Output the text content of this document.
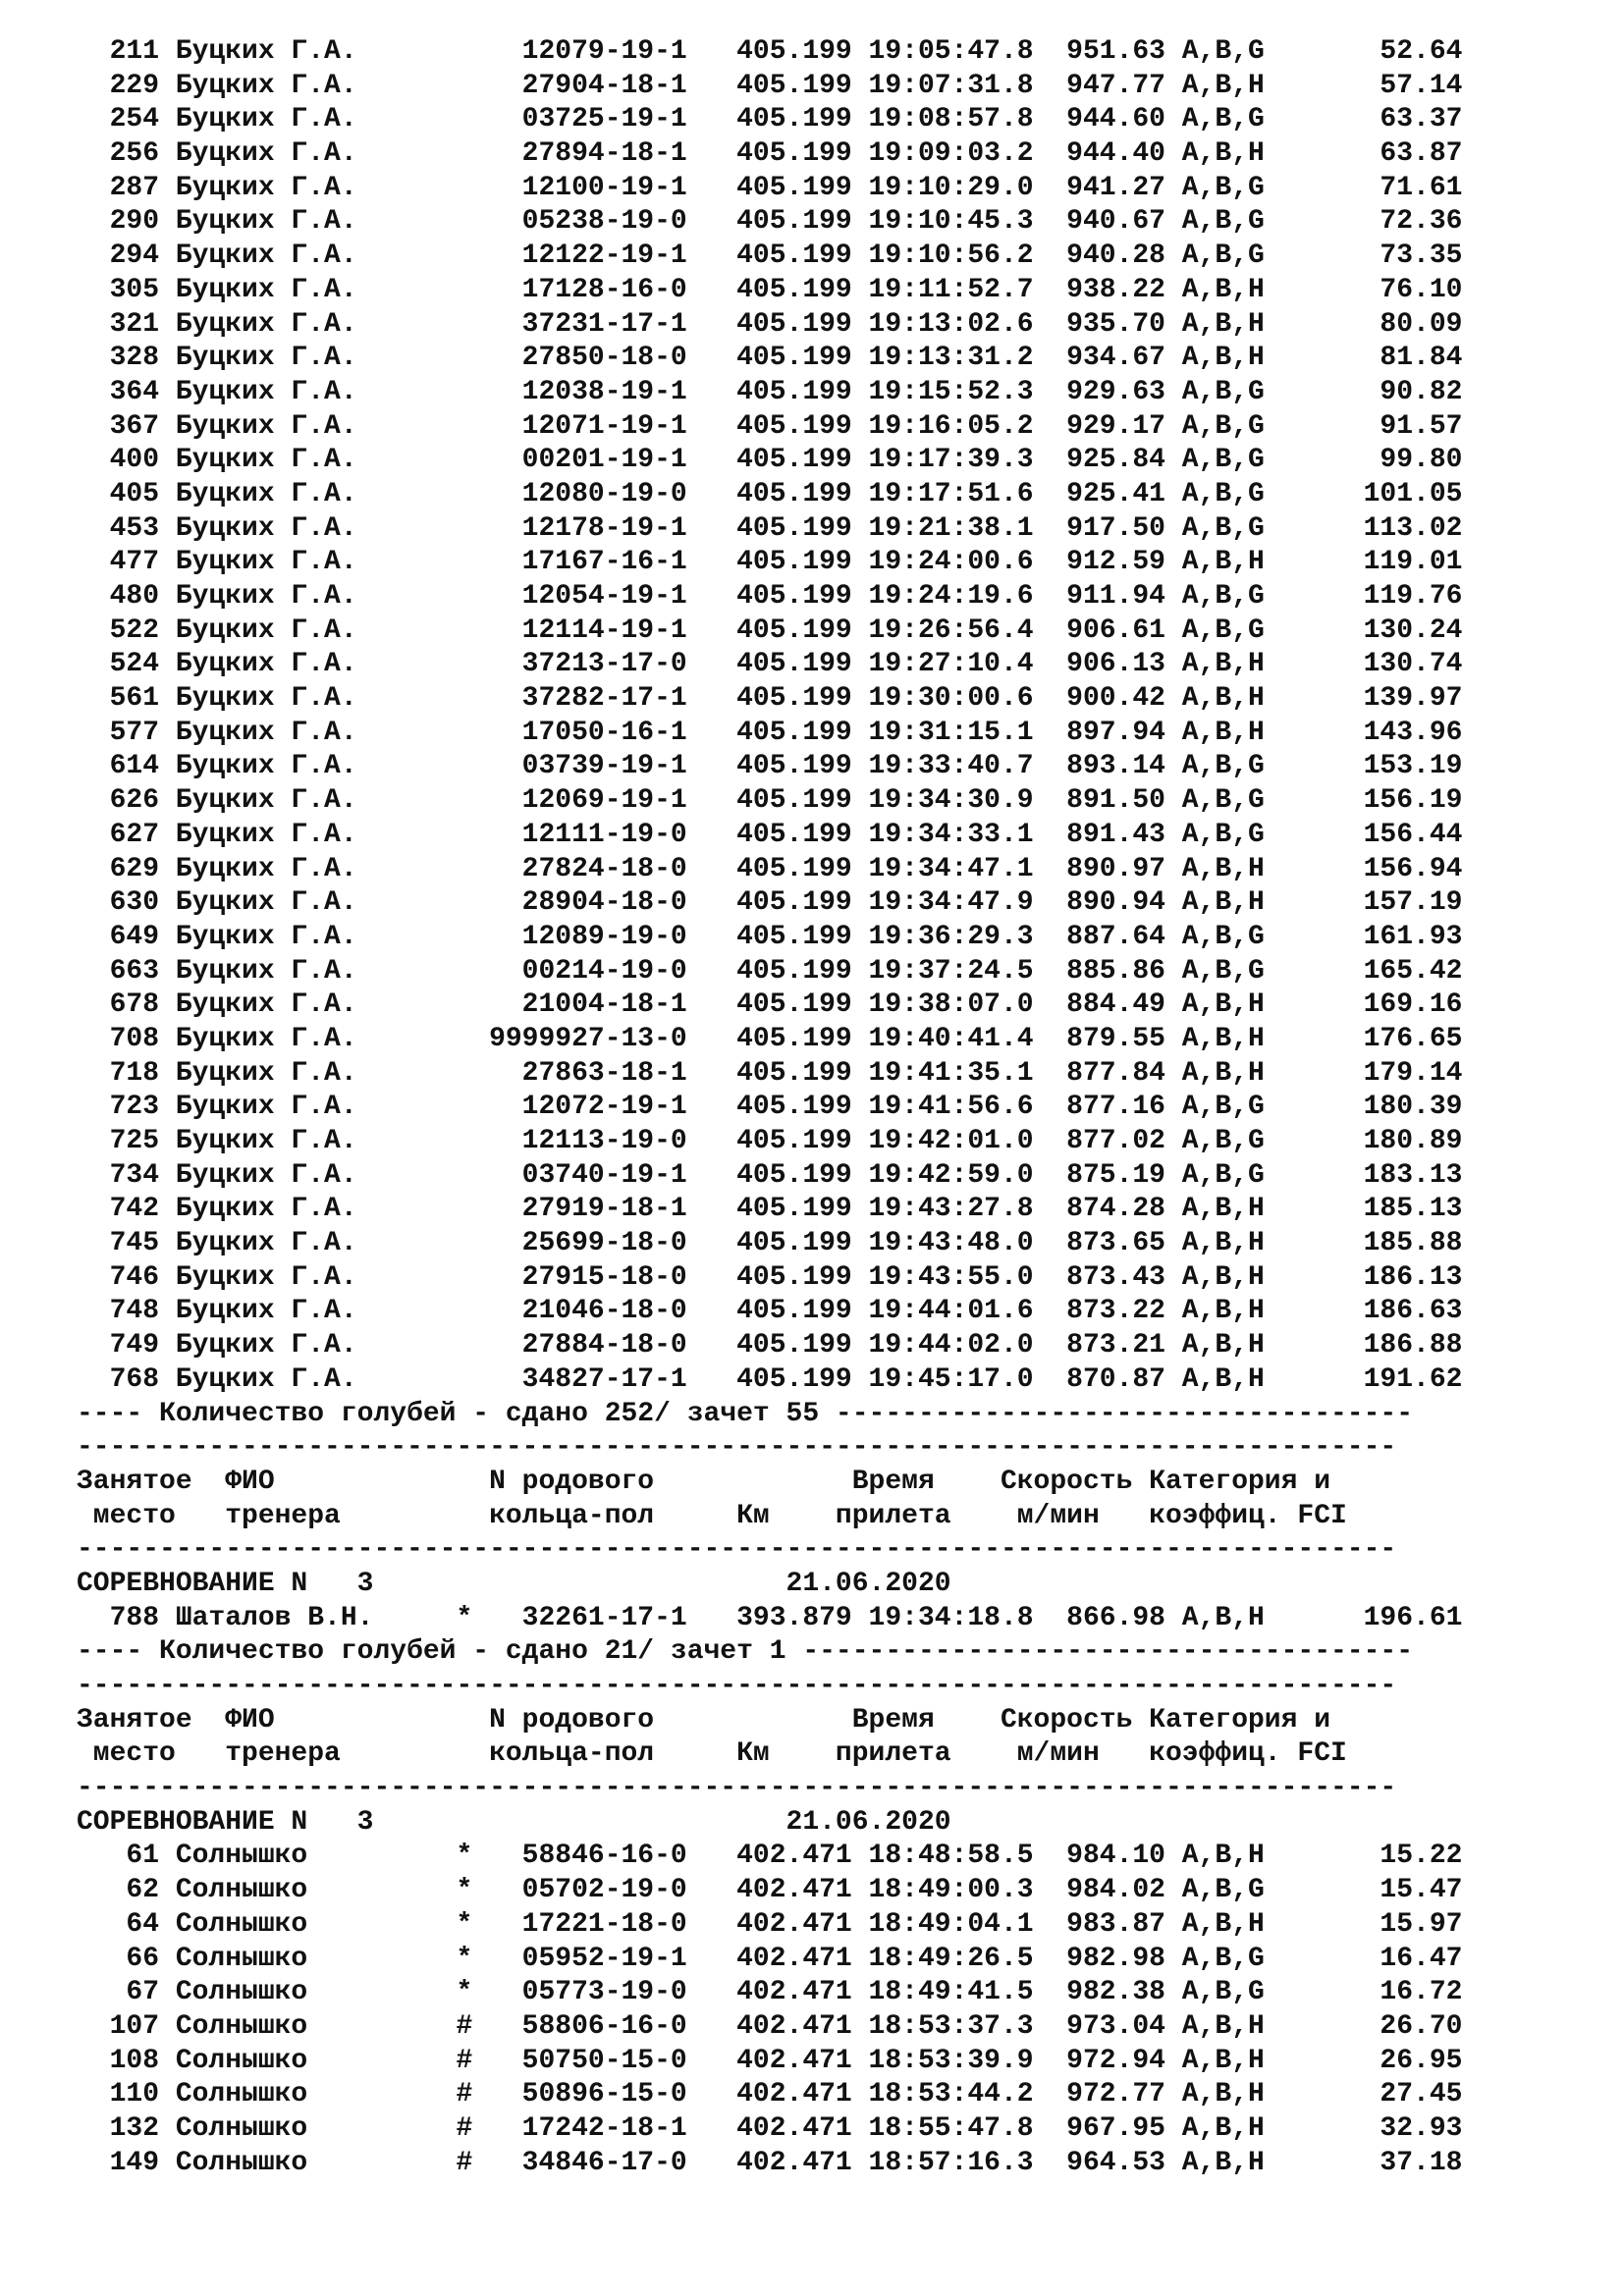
211 Буцких Г.А.          12079-19-1   405.199 19:05:47.8  951.63 A,B,G       52.64
229 Буцких Г.А.          27904-18-1   405.199 19:07:31.8  947.77 A,B,H       57.14
254 Буцких Г.А.          03725-19-1   405.199 19:08:57.8  944.60 A,B,G       63.37
256 Буцких Г.А.          27894-18-1   405.199 19:09:03.2  944.40 A,B,H       63.87
287 Буцких Г.А.          12100-19-1   405.199 19:10:29.0  941.27 A,B,G       71.61
290 Буцких Г.А.          05238-19-0   405.199 19:10:45.3  940.67 A,B,G       72.36
294 Буцких Г.А.          12122-19-1   405.199 19:10:56.2  940.28 A,B,G       73.35
305 Буцких Г.А.          17128-16-0   405.199 19:11:52.7  938.22 A,B,H       76.10
321 Буцких Г.А.          37231-17-1   405.199 19:13:02.6  935.70 A,B,H       80.09
328 Буцких Г.А.          27850-18-0   405.199 19:13:31.2  934.67 A,B,H       81.84
364 Буцких Г.А.          12038-19-1   405.199 19:15:52.3  929.63 A,B,G       90.82
367 Буцких Г.А.          12071-19-1   405.199 19:16:05.2  929.17 A,B,G       91.57
400 Буцких Г.А.          00201-19-1   405.199 19:17:39.3  925.84 A,B,G       99.80
405 Буцких Г.А.          12080-19-0   405.199 19:17:51.6  925.41 A,B,G      101.05
453 Буцких Г.А.          12178-19-1   405.199 19:21:38.1  917.50 A,B,G      113.02
477 Буцких Г.А.          17167-16-1   405.199 19:24:00.6  912.59 A,B,H      119.01
480 Буцких Г.А.          12054-19-1   405.199 19:24:19.6  911.94 A,B,G      119.76
522 Буцких Г.А.          12114-19-1   405.199 19:26:56.4  906.61 A,B,G      130.24
524 Буцких Г.А.          37213-17-0   405.199 19:27:10.4  906.13 A,B,H      130.74
561 Буцких Г.А.          37282-17-1   405.199 19:30:00.6  900.42 A,B,H      139.97
577 Буцких Г.А.          17050-16-1   405.199 19:31:15.1  897.94 A,B,H      143.96
614 Буцких Г.А.          03739-19-1   405.199 19:33:40.7  893.14 A,B,G      153.19
626 Буцких Г.А.          12069-19-1   405.199 19:34:30.9  891.50 A,B,G      156.19
627 Буцких Г.А.          12111-19-0   405.199 19:34:33.1  891.43 A,B,G      156.44
629 Буцких Г.А.          27824-18-0   405.199 19:34:47.1  890.97 A,B,H      156.94
630 Буцких Г.А.          28904-18-0   405.199 19:34:47.9  890.94 A,B,H      157.19
649 Буцких Г.А.          12089-19-0   405.199 19:36:29.3  887.64 A,B,G      161.93
663 Буцких Г.А.          00214-19-0   405.199 19:37:24.5  885.86 A,B,G      165.42
678 Буцких Г.А.          21004-18-1   405.199 19:38:07.0  884.49 A,B,H      169.16
708 Буцких Г.А.        9999927-13-0   405.199 19:40:41.4  879.55 A,B,H      176.65
718 Буцких Г.А.          27863-18-1   405.199 19:41:35.1  877.84 A,B,H      179.14
723 Буцких Г.А.          12072-19-1   405.199 19:41:56.6  877.16 A,B,G      180.39
725 Буцких Г.А.          12113-19-0   405.199 19:42:01.0  877.02 A,B,G      180.89
734 Буцких Г.А.          03740-19-1   405.199 19:42:59.0  875.19 A,B,G      183.13
742 Буцких Г.А.          27919-18-1   405.199 19:43:27.8  874.28 A,B,H      185.13
745 Буцких Г.А.          25699-18-0   405.199 19:43:48.0  873.65 A,B,H      185.88
746 Буцких Г.А.          27915-18-0   405.199 19:43:55.0  873.43 A,B,H      186.13
748 Буцких Г.А.          21046-18-0   405.199 19:44:01.6  873.22 A,B,H      186.63
749 Буцких Г.А.          27884-18-0   405.199 19:44:02.0  873.21 A,B,H      186.88
768 Буцких Г.А.          34827-17-1   405.199 19:45:17.0  870.87 A,B,H      191.62
---- Количество голубей - сдано 252/ зачет 55 -----------------------------------
--------------------------------------------------------------------------------
Занятое  ФИО             N родового            Время    Скорость Категория и
место   тренера         кольца-пол     Км    прилета    м/мин   коэффиц. FCI
--------------------------------------------------------------------------------
СОРЕВНОВАНИЕ N   3                         21.06.2020
788 Шаталов В.Н.     *   32261-17-1   393.879 19:34:18.8  866.98 A,B,H      196.61
---- Количество голубей - сдано 21/ зачет 1 -------------------------------------
--------------------------------------------------------------------------------
Занятое  ФИО             N родового            Время    Скорость Категория и
место   тренера         кольца-пол     Км    прилета    м/мин   коэффиц. FCI
--------------------------------------------------------------------------------
СОРЕВНОВАНИЕ N   3                         21.06.2020
61 Солнышко         *   58846-16-0   402.471 18:48:58.5  984.10 A,B,H       15.22
62 Солнышко         *   05702-19-0   402.471 18:49:00.3  984.02 A,B,G       15.47
64 Солнышко         *   17221-18-0   402.471 18:49:04.1  983.87 A,B,H       15.97
66 Солнышко         *   05952-19-1   402.471 18:49:26.5  982.98 A,B,G       16.47
67 Солнышко         *   05773-19-0   402.471 18:49:41.5  982.38 A,B,G       16.72
107 Солнышко         #   58806-16-0   402.471 18:53:37.3  973.04 A,B,H       26.70
108 Солнышко         #   50750-15-0   402.471 18:53:39.9  972.94 A,B,H       26.95
110 Солнышко         #   50896-15-0   402.471 18:53:44.2  972.77 A,B,H       27.45
132 Солнышко         #   17242-18-1   402.471 18:55:47.8  967.95 A,B,H       32.93
149 Солнышко         #   34846-17-0   402.471 18:57:16.3  964.53 A,B,H       37.18
